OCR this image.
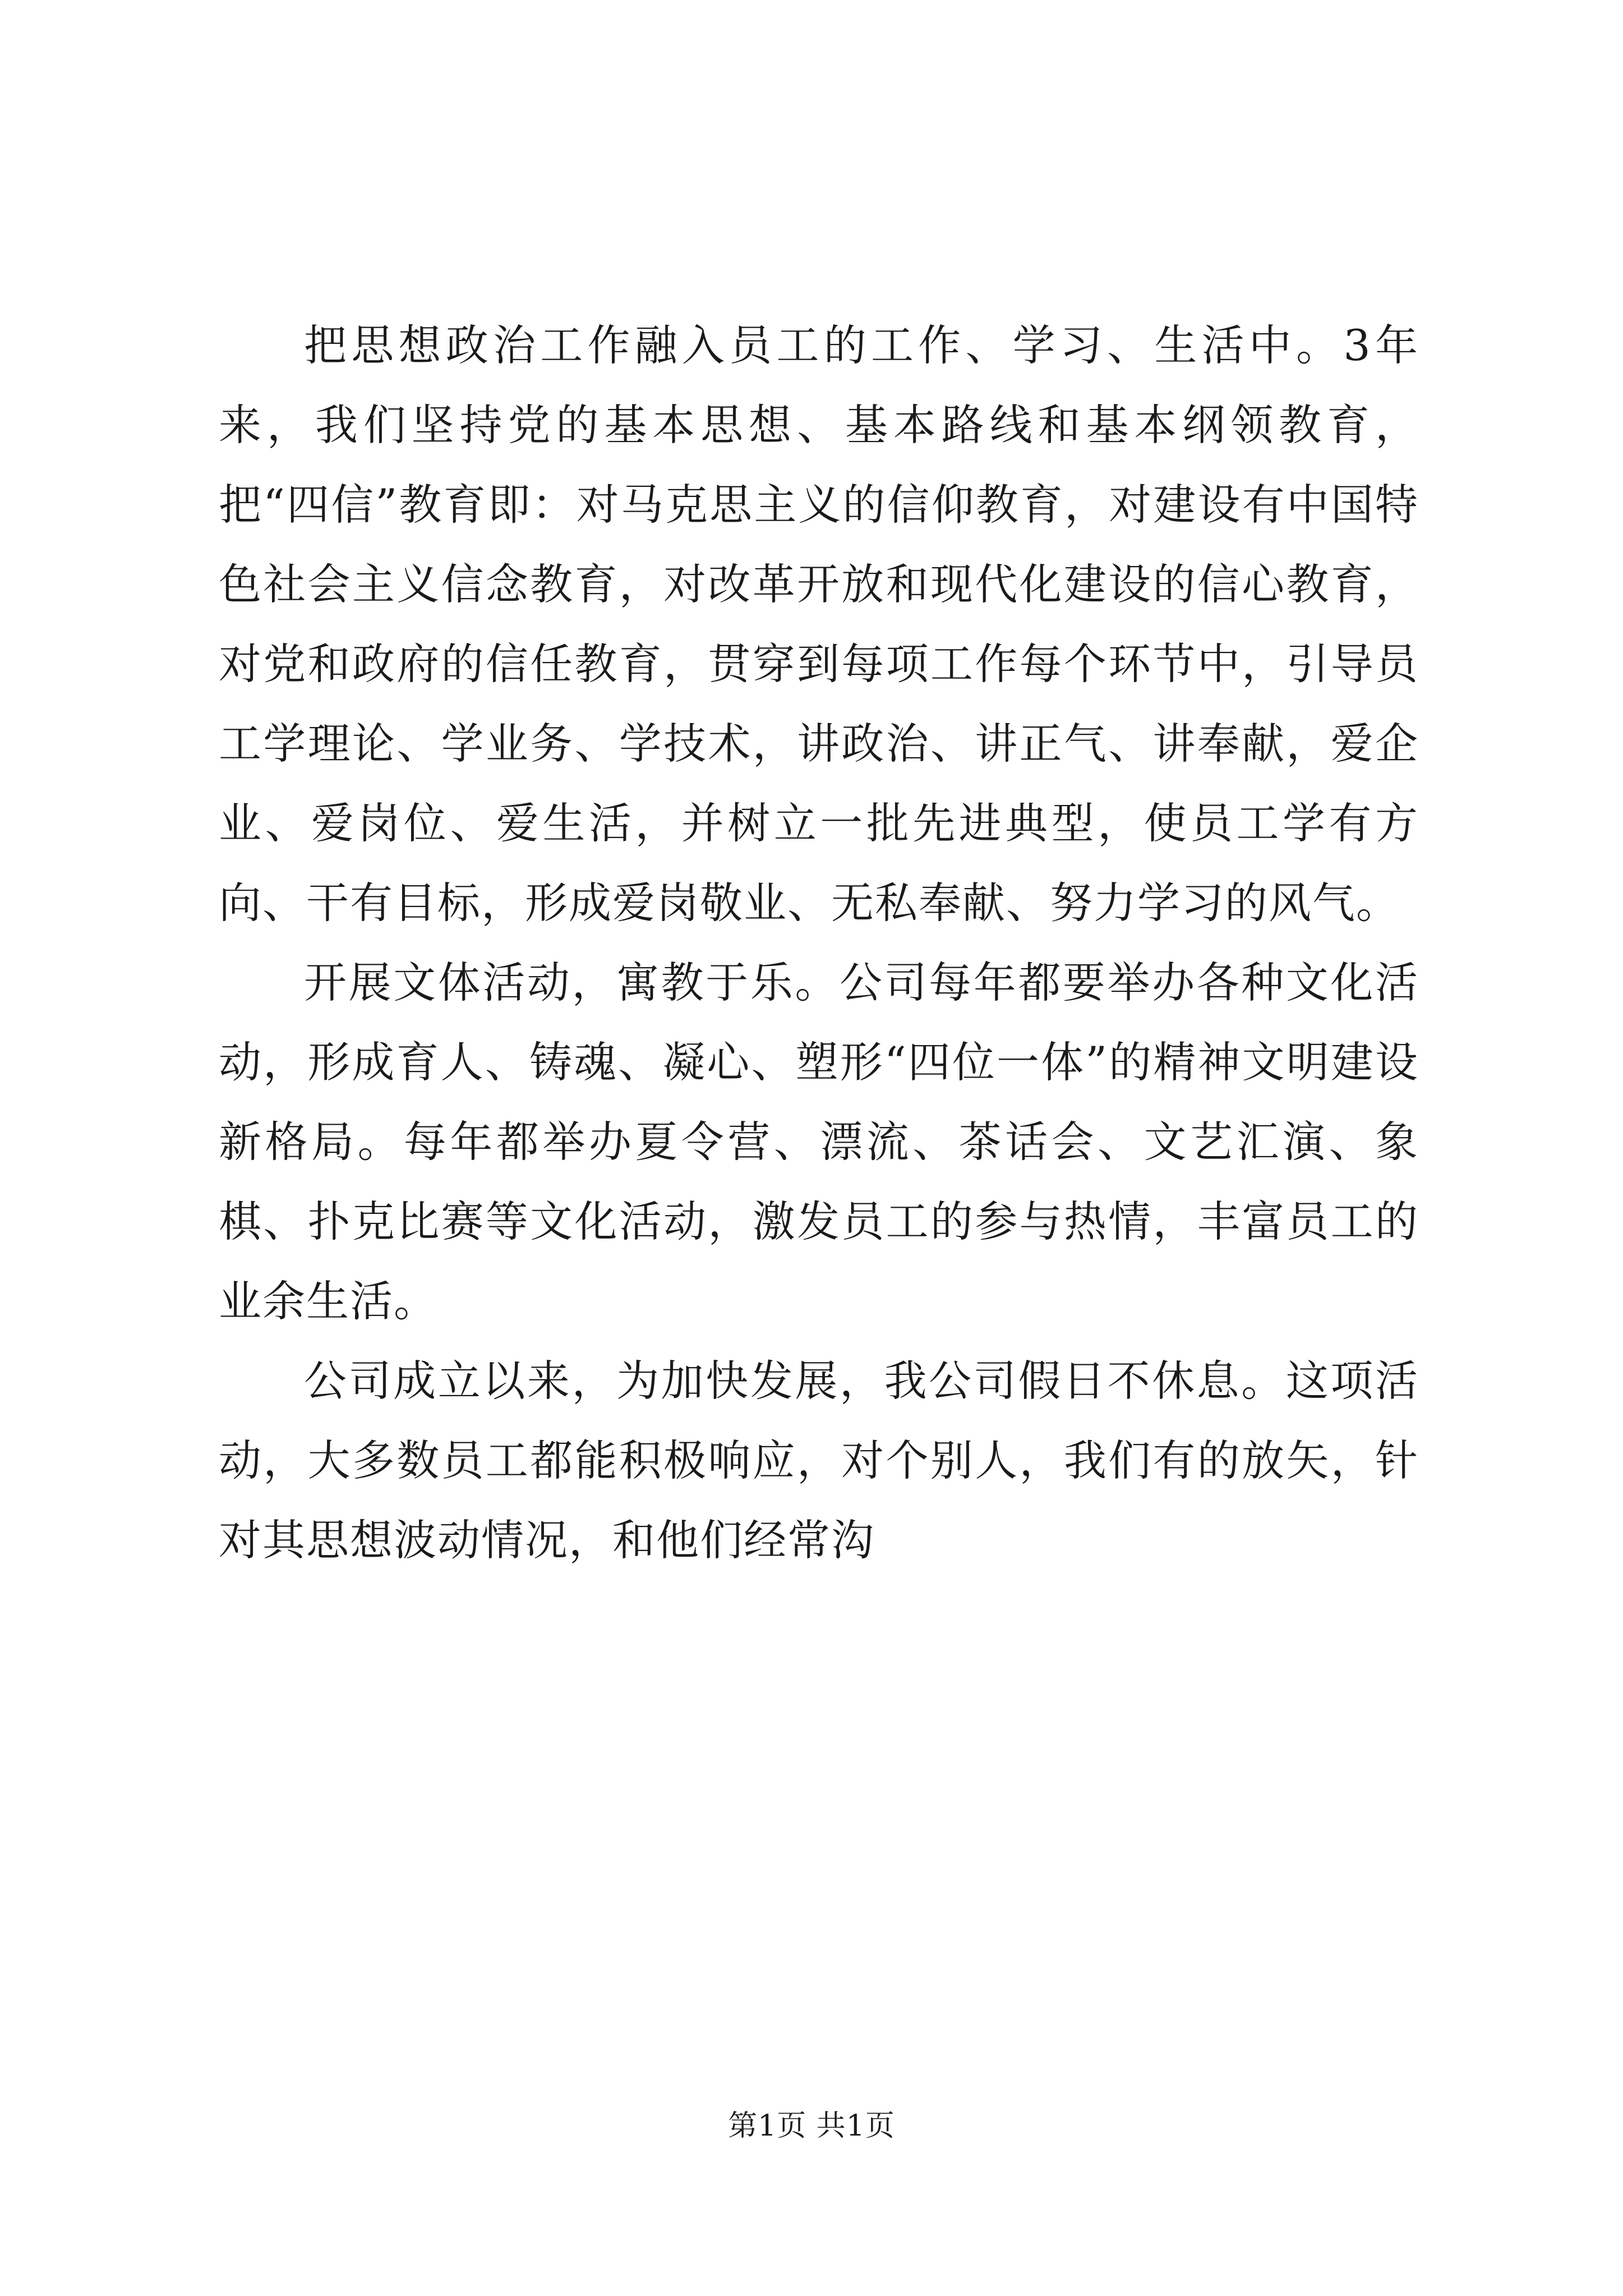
把思想政治工作融入员工的工作、学习、生活中。3年来，我们坚持党的基本思想、基本路线和基本纲领教育，把“四信”教育即：对马克思主义的信仰教育，对建设有中国特色社会主义信念教育，对改革开放和现代化建设的信心教育，对党和政府的信任教育，贯穿到每项工作每个环节中，引导员工学理论、学业务、学技术，讲政治、讲正气、讲奉献，爱企业、爱岗位、爱生活，并树立一批先进典型，使员工学有方向、干有目标，形成爱岗敬业、无私奉献、努力学习的风气。

开展文体活动，寓教于乐。公司每年都要举办各种文化活动，形成育人、铸魂、凝心、塑形“四位一体”的精神文明建设新格局。每年都举办夏令营、漂流、茶话会、文艺汇演、象棋、扑克比赛等文化活动，激发员工的参与热情，丰富员工的业余生活。

公司成立以来，为加快发展，我公司假日不休息。这项活动，大多数员工都能积极响应，对个别人，我们有的放矢，针对其思想波动情况，和他们经常沟

第1页 共1页
